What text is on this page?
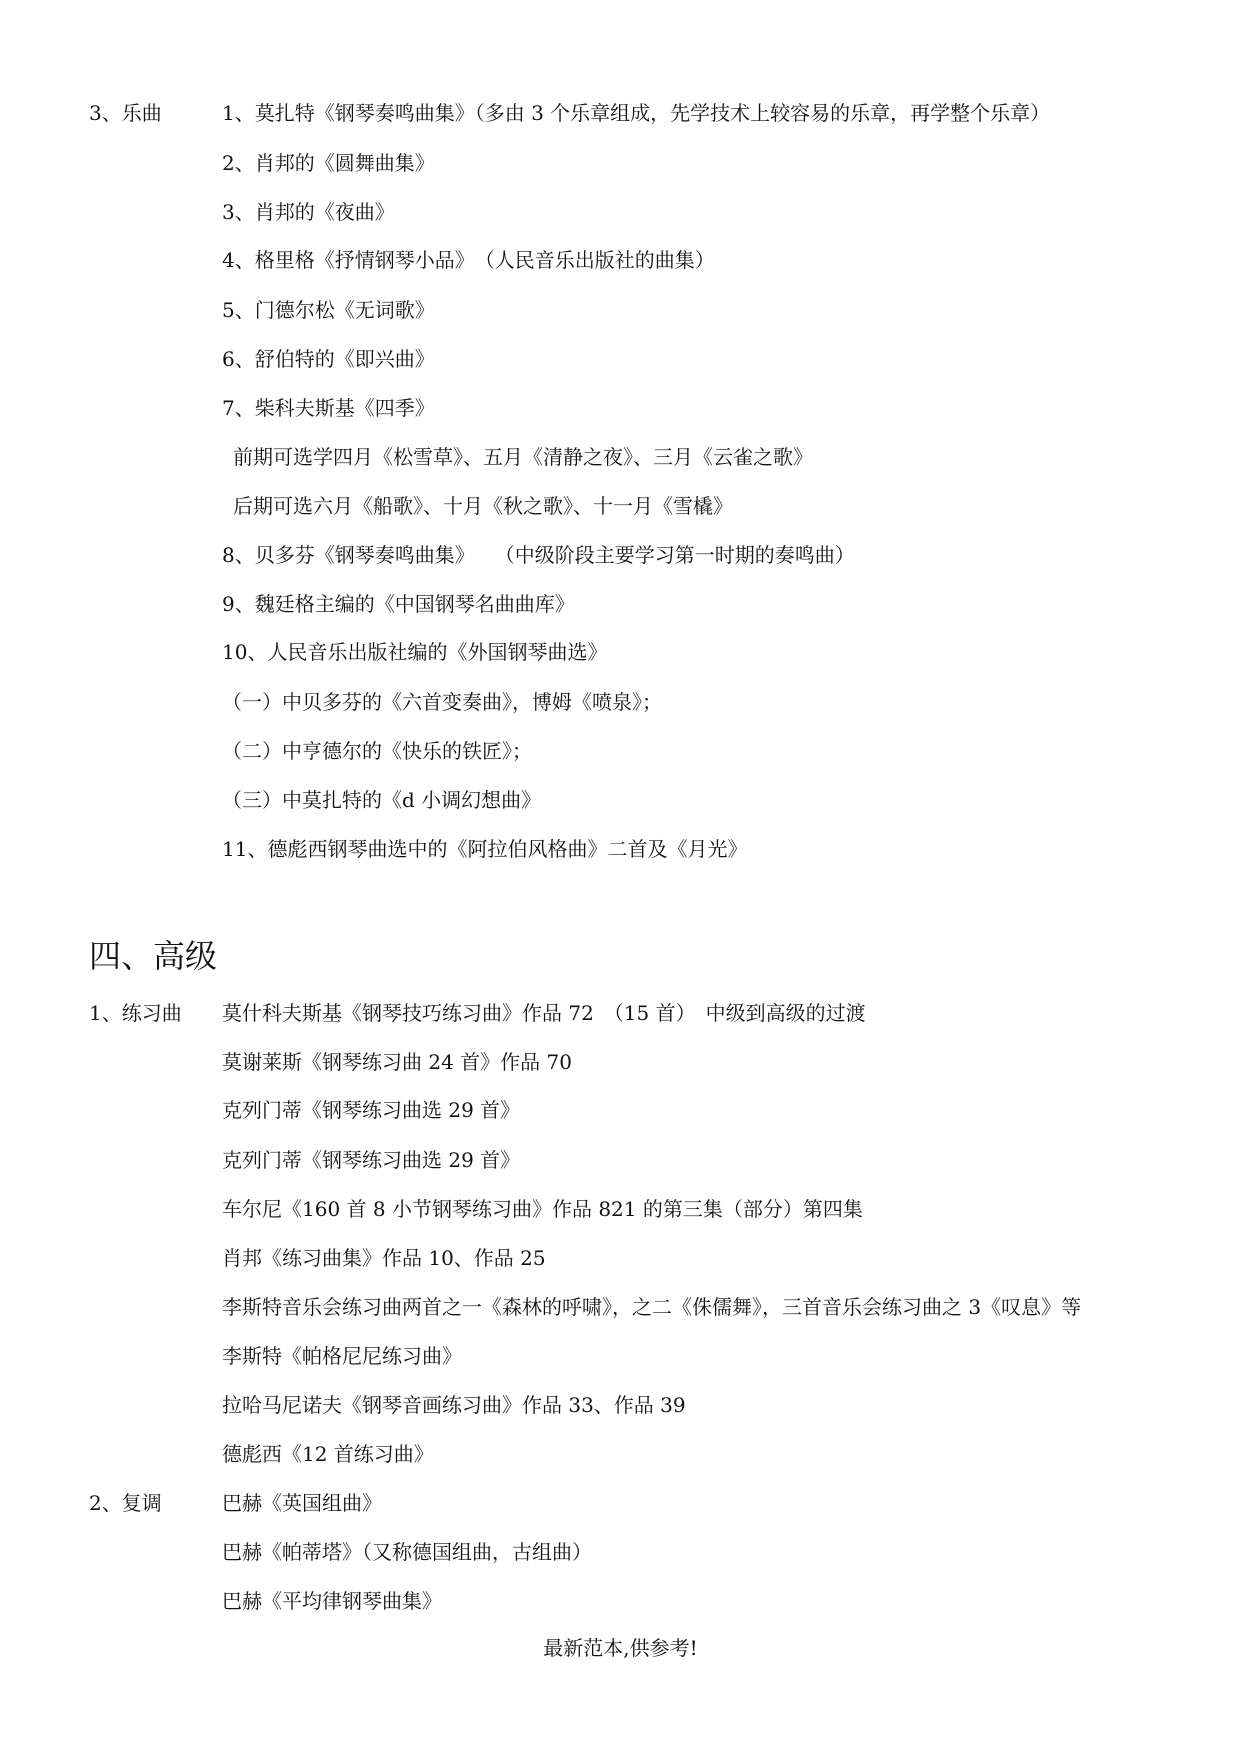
3、乐曲	1、莫扎特《钢琴奏鸣曲集》（多由 3 个乐章组成，先学技术上较容易的乐章，再学整个乐章）
2、肖邦的《圆舞曲集》
3、肖邦的《夜曲》
4、格里格《抒情钢琴小品》　（人民音乐出版社的曲集）
5、门德尔松《无词歌》
6、舒伯特的《即兴曲》
7、柴科夫斯基《四季》
前期可选学四月《松雪草》、五月《清静之夜》、三月《云雀之歌》
后期可选六月《船歌》、十月《秋之歌》、十一月《雪橇》
8、贝多芬《钢琴奏鸣曲集》　　（中级阶段主要学习第一时期的奏鸣曲）
9、魏廷格主编的《中国钢琴名曲曲库》
10、人民音乐出版社编的《外国钢琴曲选》
（一）中贝多芬的《六首变奏曲》，博姆《喷泉》；
（二）中亨德尔的《快乐的铁匠》；
（三）中莫扎特的《d 小调幻想曲》
11、德彪西钢琴曲选中的《阿拉伯风格曲》二首及《月光》
四、高级
1、练习曲 莫什科夫斯基《钢琴技巧练习曲》作品 72　（15 首）　中级到高级的过渡
莫谢莱斯《钢琴练习曲 24 首》作品 70
克列门蒂《钢琴练习曲选 29 首》
克列门蒂《钢琴练习曲选 29 首》
车尔尼《160 首 8 小节钢琴练习曲》作品 821 的第三集（部分）第四集
肖邦《练习曲集》作品 10、作品 25
李斯特音乐会练习曲两首之一《森林的呼啸》，之二《侏儒舞》，三首音乐会练习曲之 3《叹息》等
李斯特《帕格尼尼练习曲》
拉哈马尼诺夫《钢琴音画练习曲》作品 33、作品 39
德彪西《12 首练习曲》
2、复调	巴赫《英国组曲》
巴赫《帕蒂塔》（又称德国组曲，古组曲）
巴赫《平均律钢琴曲集》
最新范本,供参考!
